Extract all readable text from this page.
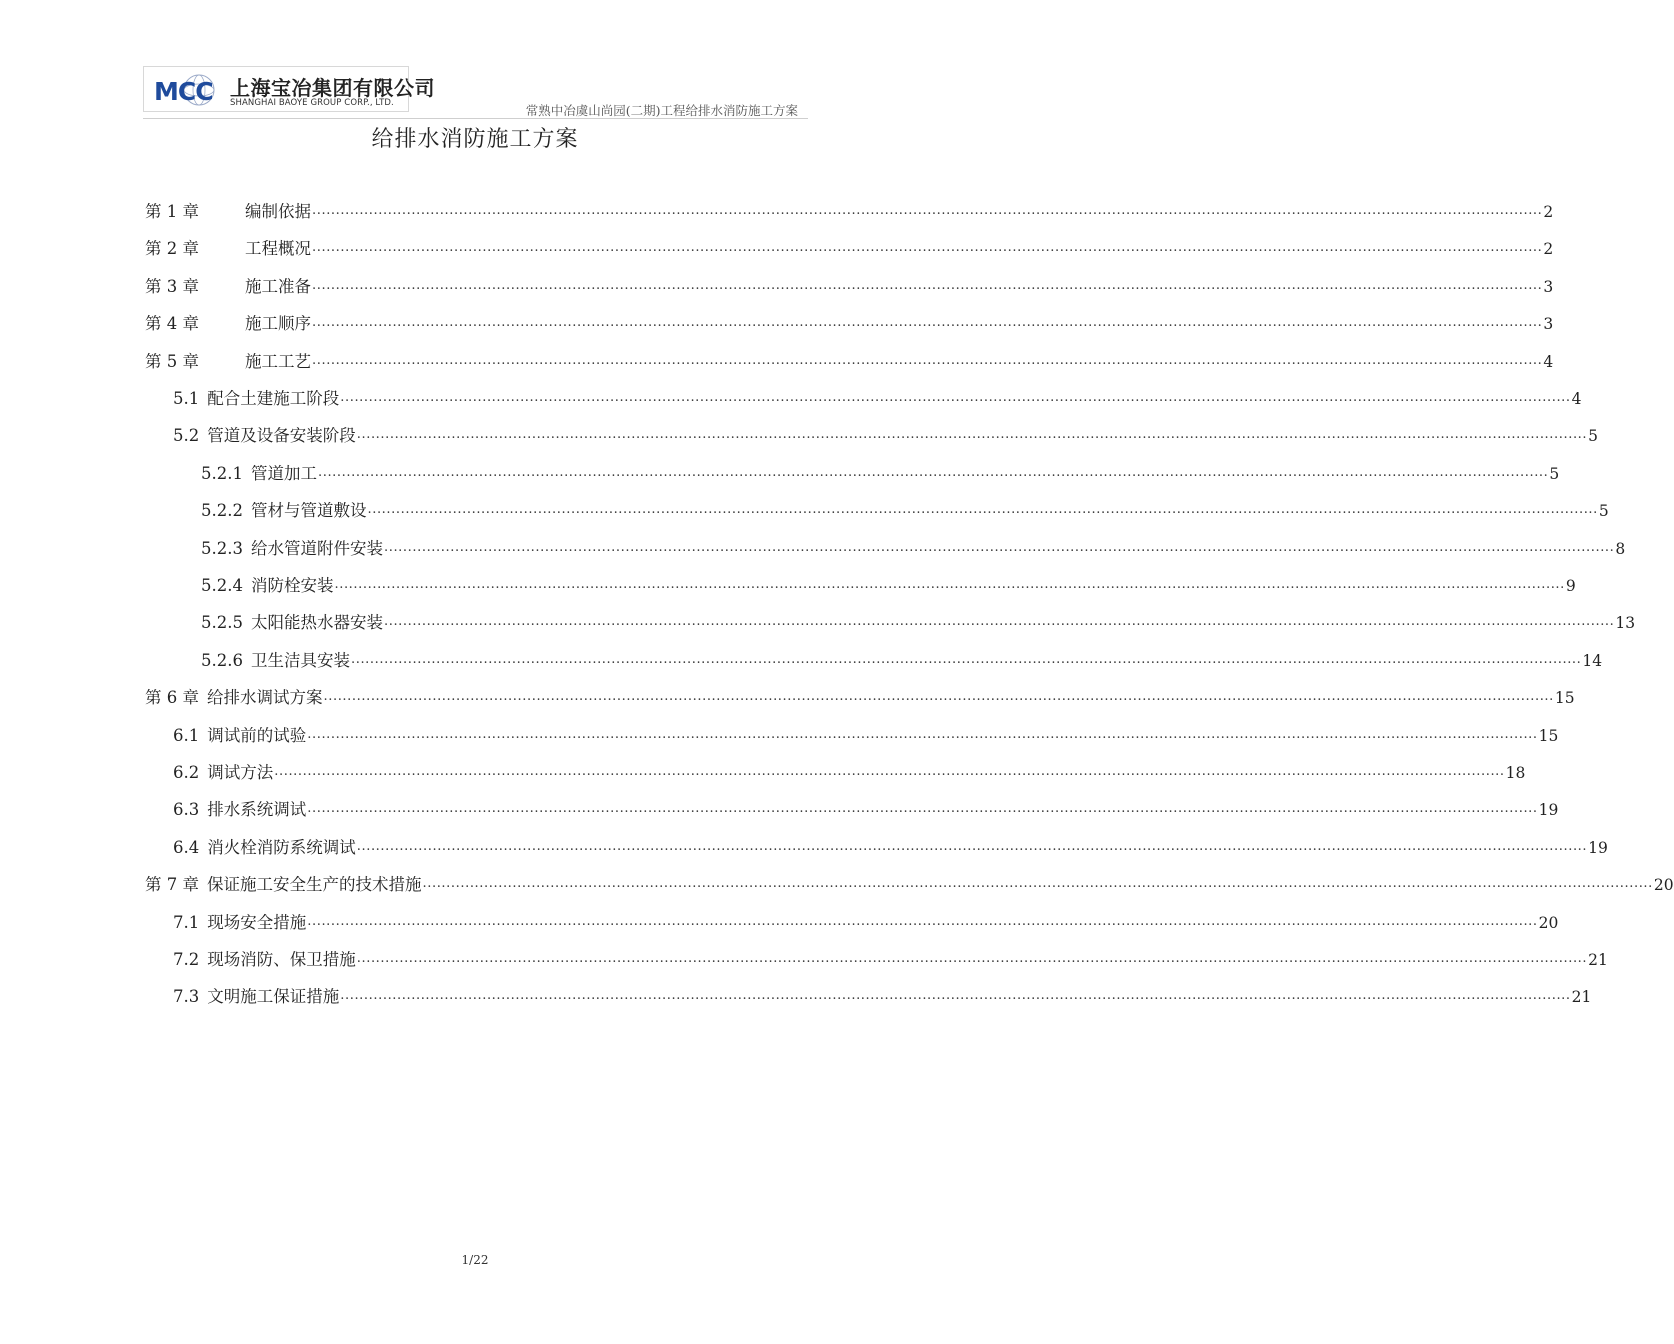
MCC 上海宝冶集团有限公司
SHANGHAI BAOYE GROUP CORP., LTD.	常熟中冶虞山尚园(二期)工程给排水消防施工方案
给排水消防施工方案
第 1 章	编制依据 .................................................................................................................................................................................................................................................................... 2
第 2 章	工程概况 .................................................................................................................................................................................................................................................................... 2
第 3 章	施工准备 .................................................................................................................................................................................................................................................................... 3
第 4 章	施工顺序 .................................................................................................................................................................................................................................................................... 3
第 5 章	施工工艺 .................................................................................................................................................................................................................................................................... 4
5.1 配合土建施工阶段 .................................................................................................................................................................................................................................................................... 4
5.2 管道及设备安装阶段 .................................................................................................................................................................................................................................................................... 5
5.2.1 管道加工 .................................................................................................................................................................................................................................................................... 5
5.2.2 管材与管道敷设 .................................................................................................................................................................................................................................................................... 5
5.2.3 给水管道附件安装 .................................................................................................................................................................................................................................................................... 8
5.2.4 消防栓安装 .................................................................................................................................................................................................................................................................... 9
5.2.5 太阳能热水器安装 .................................................................................................................................................................................................................................................................... 13
5.2.6 卫生洁具安装 .................................................................................................................................................................................................................................................................... 14
第 6 章 给排水调试方案 .................................................................................................................................................................................................................................................................... 15
6.1 调试前的试验 .................................................................................................................................................................................................................................................................... 15
6.2 调试方法 .................................................................................................................................................................................................................................................................... 18
6.3 排水系统调试 .................................................................................................................................................................................................................................................................... 19
6.4 消火栓消防系统调试 .................................................................................................................................................................................................................................................................... 19
第 7 章 保证施工安全生产的技术措施 .................................................................................................................................................................................................................................................................... 20
7.1 现场安全措施 .................................................................................................................................................................................................................................................................... 20
7.2 现场消防、保卫措施 .................................................................................................................................................................................................................................................................... 21
7.3 文明施工保证措施 .................................................................................................................................................................................................................................................................... 21
1/22
